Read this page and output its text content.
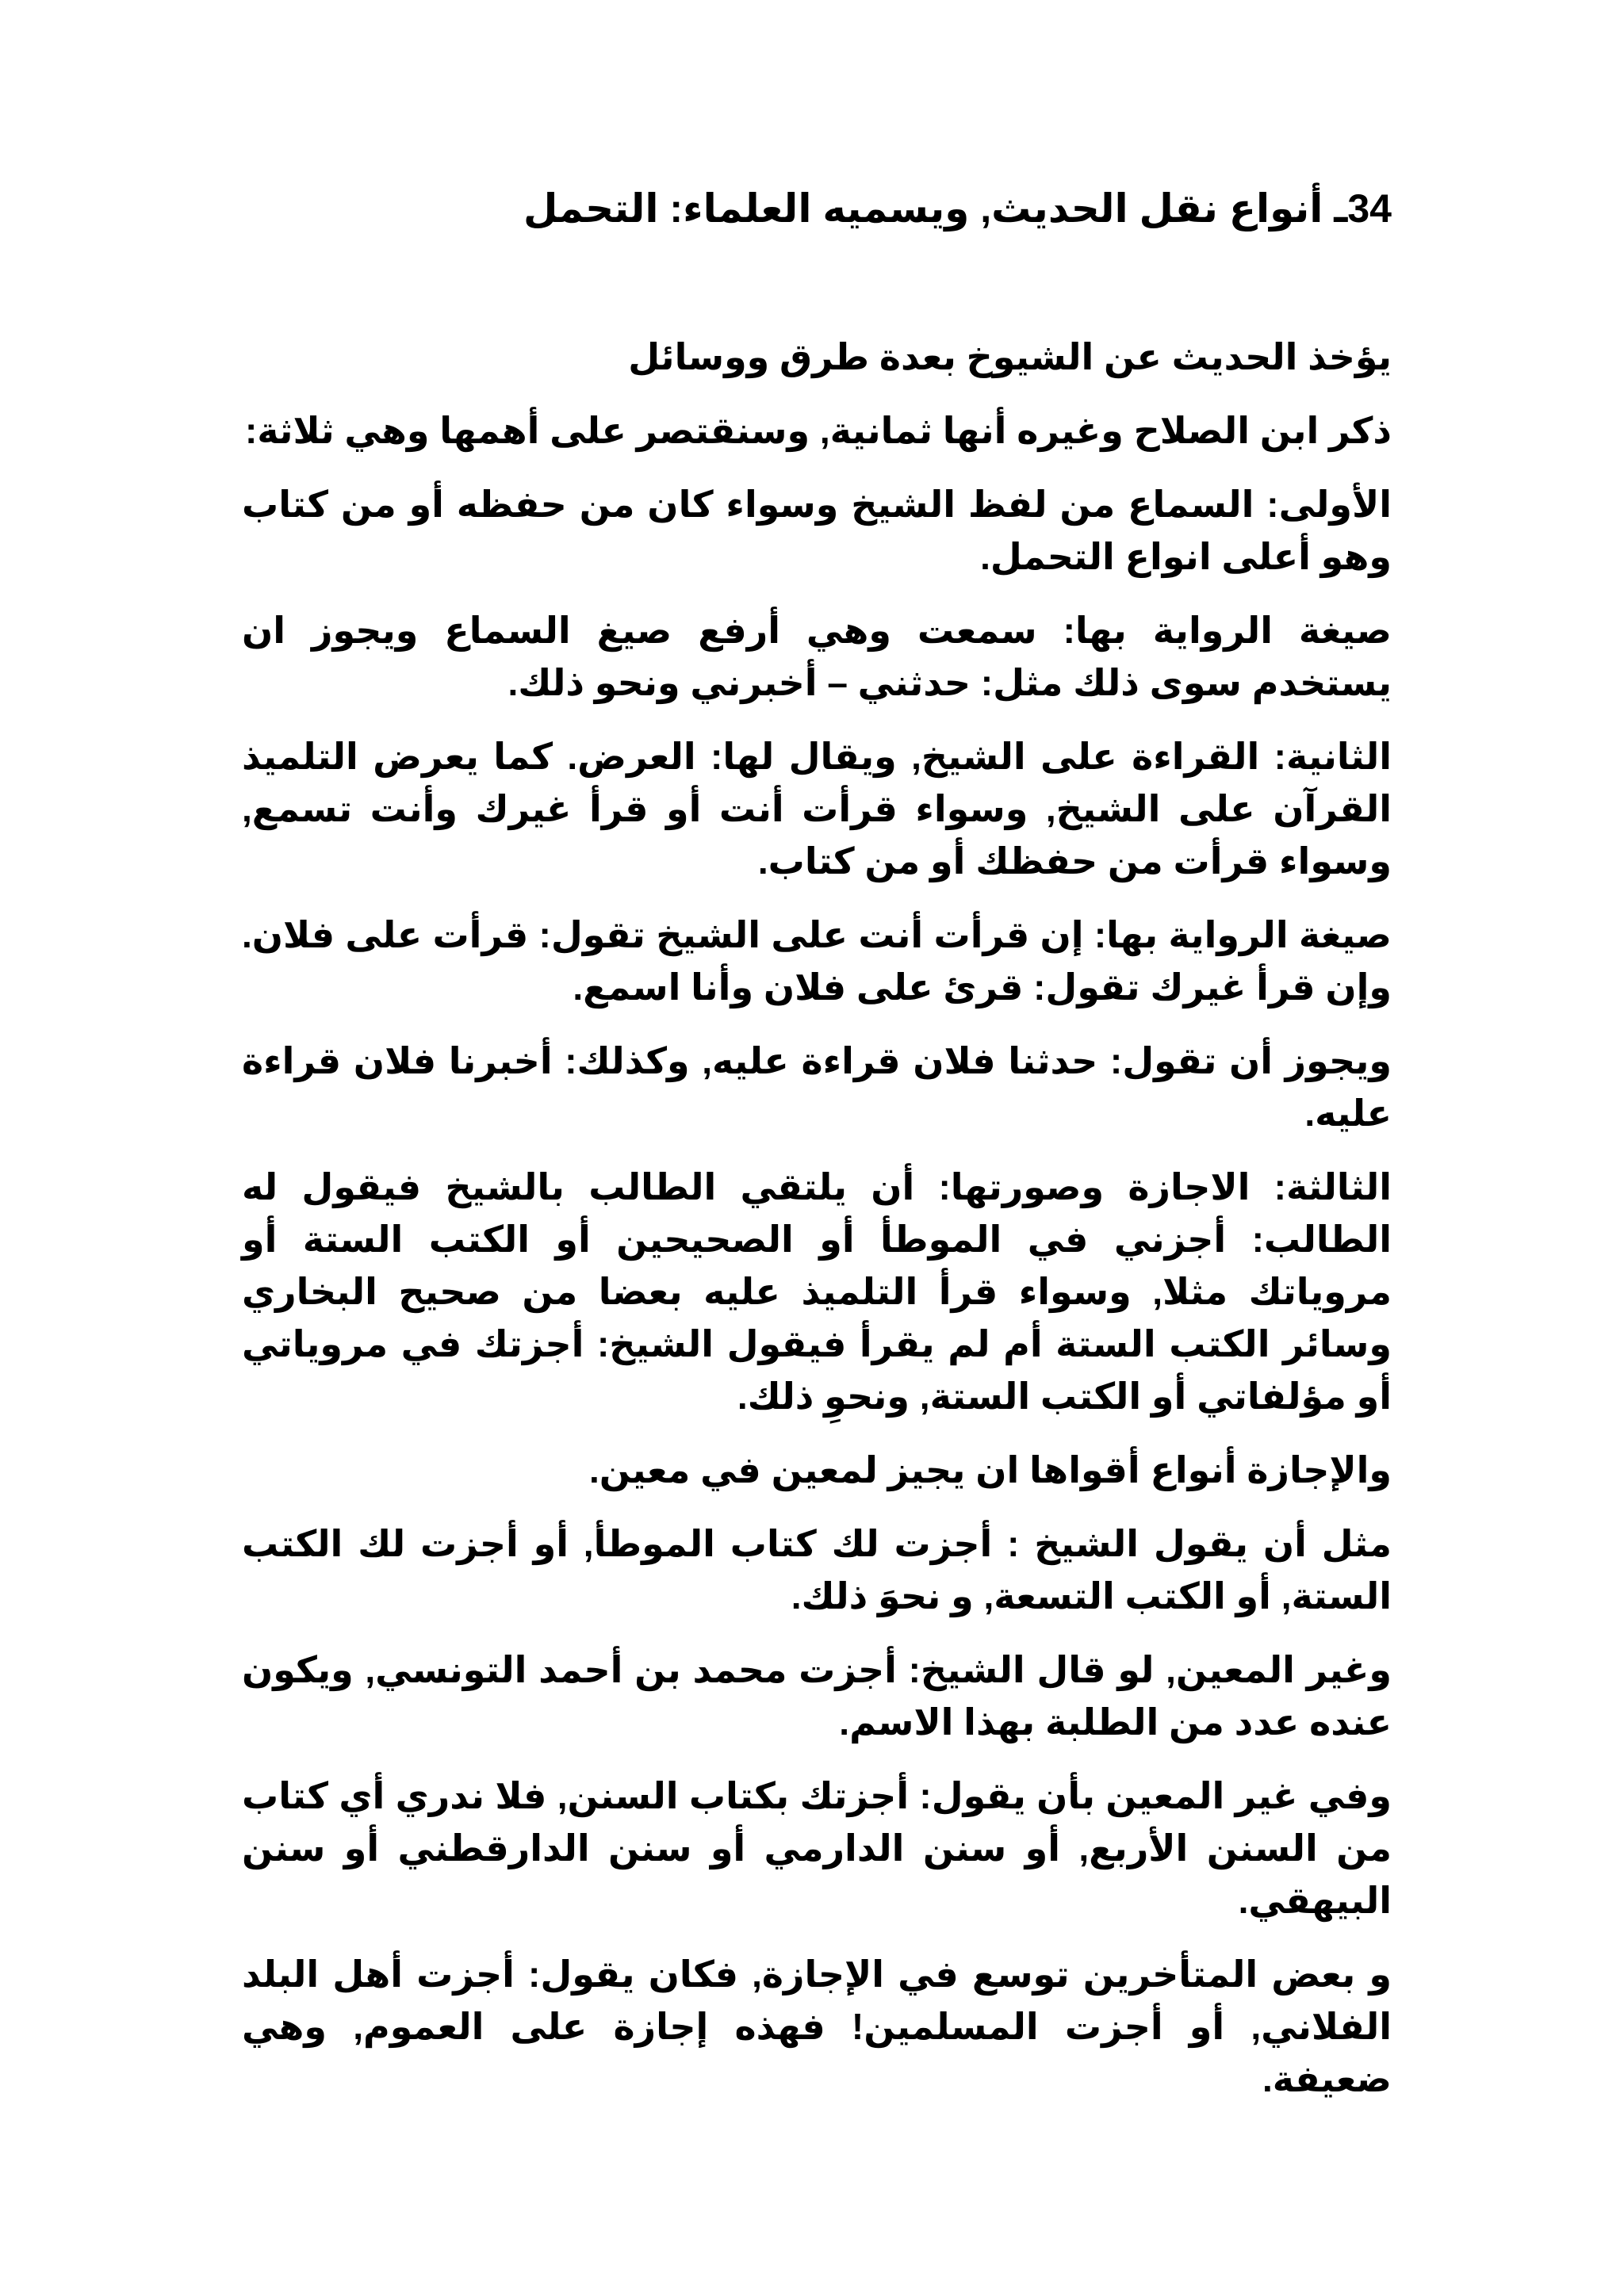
34ـ أنواع نقل الحديث, ويسميه العلماء: التحمل

يؤخذ الحديث عن الشيوخ بعدة طرق ووسائل

ذكر ابن الصلاح وغيره أنها ثمانية, وسنقتصر على أهمها وهي ثلاثة:

الأولى: السماع من لفظ الشيخ وسواء كان من حفظه أو من كتاب وهو أعلى انواع التحمل.

صيغة الرواية بها: سمعت وهي أرفع صيغ السماع ويجوز ان يستخدم سوى ذلك مثل: حدثني – أخبرني ونحو ذلك.

الثانية: القراءة على الشيخ, ويقال لها: العرض. كما يعرض التلميذ القرآن على الشيخ, وسواء قرأت أنت أو قرأ غيرك وأنت تسمع, وسواء قرأت من حفظك أو من كتاب.

صيغة الرواية بها: إن قرأت أنت على الشيخ تقول: قرأت على فلان. وإن قرأ غيرك تقول: قرئ على فلان وأنا اسمع.

ويجوز أن تقول: حدثنا فلان قراءة عليه, وكذلك: أخبرنا فلان قراءة عليه.

الثالثة: الاجازة وصورتها: أن يلتقي الطالب بالشيخ فيقول له الطالب: أجزني في الموطأ أو الصحيحين أو الكتب الستة أو مروياتك مثلا, وسواء قرأ التلميذ عليه بعضا من صحيح البخاري وسائر الكتب الستة أم لم يقرأ فيقول الشيخ: أجزتك في مروياتي أو مؤلفاتي أو الكتب الستة, ونحوِ ذلك.

والإجازة أنواع أقواها ان يجيز لمعين في معين.

مثل أن يقول الشيخ : أجزت لك كتاب الموطأ, أو أجزت لك الكتب الستة, أو الكتب التسعة, و نحوَ ذلك.

وغير المعين, لو قال الشيخ: أجزت محمد بن أحمد التونسي, ويكون عنده عدد من الطلبة بهذا الاسم.

وفي غير المعين بأن يقول: أجزتك بكتاب السنن, فلا ندري أي كتاب من السنن الأربع, أو سنن الدارمي أو سنن الدارقطني أو سنن البيهقي.

و بعض المتأخرين توسع في الإجازة, فكان يقول: أجزت أهل البلد الفلاني, أو أجزت المسلمين! فهذه إجازة على العموم, وهي ضعيفة.
